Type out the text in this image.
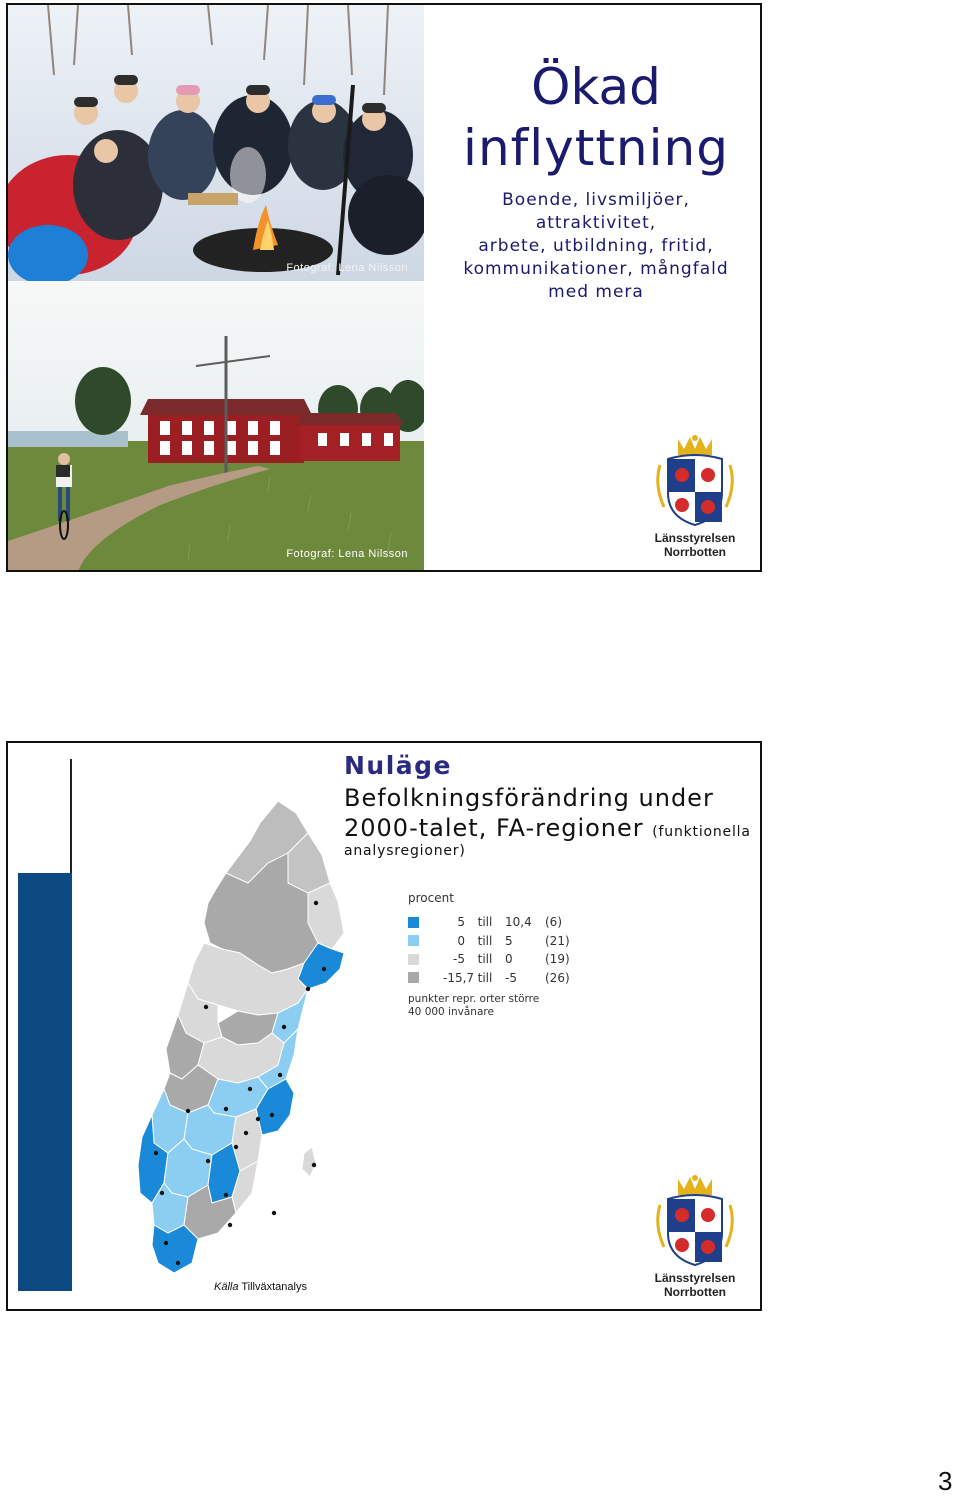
Fotograf: Lena Nilsson
Fotograf: Lena Nilsson
Ökad
inflyttning
Boende, livsmiljöer,
attraktivitet,
arbete, utbildning, fritid,
kommunikationer, mångfald
med mera
Länsstyrelsen
Norrbotten
Nuläge
Befolkningsförändring under
2000-talet, FA-regioner (funktionella
analysregioner)
procent
5	till	10,4	(6)
0	till	5	(21)
-5	till	0	(19)
-15,7 till	-5	(26)
punkter repr. orter större
40 000 invånare
Källa Tillväxtanalys
Länsstyrelsen
Norrbotten
3
